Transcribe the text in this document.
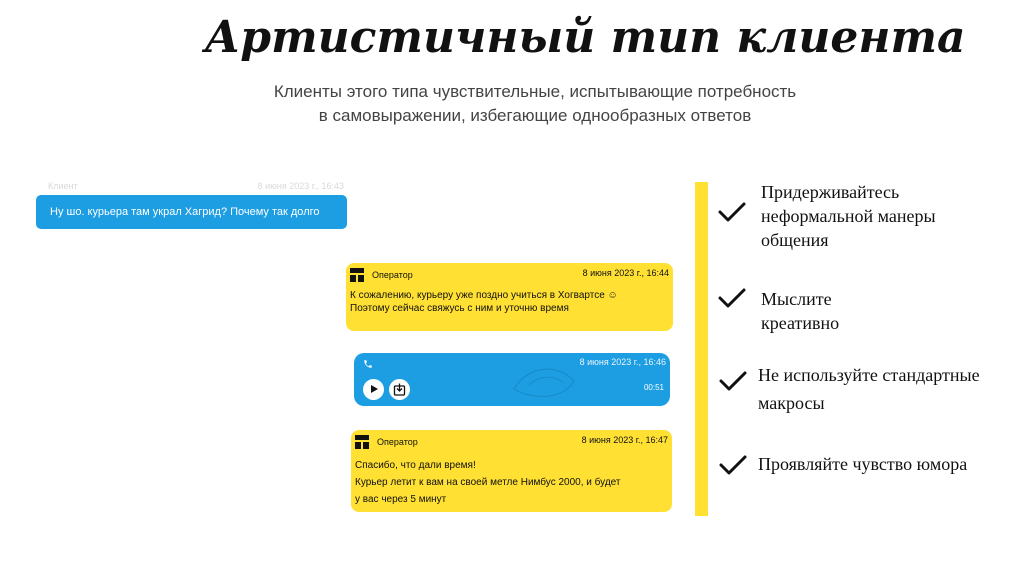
Артистичный тип клиента
Клиенты этого типа чувствительные, испытывающие потребность
в самовыражении, избегающие однообразных ответов
Клиент	8 июня 2023 г., 16:43
Ну шо. курьера там украл Хагрид? Почему так долго
Оператор	8 июня 2023 г., 16:44
К сожалению, курьеру уже поздно учиться в Хогвартсе ☺
Поэтому сейчас свяжусь с ним и уточню время
8 июня 2023 г., 16:46
00:51
Оператор	8 июня 2023 г., 16:47
Спасибо, что дали время!
Курьер летит к вам на своей метле Нимбус 2000, и будет
у вас через 5 минут
Придерживайтесь
неформальной манеры
общения
Мыслите
креативно
Не используйте стандартные
макросы
Проявляйте чувство юмора
